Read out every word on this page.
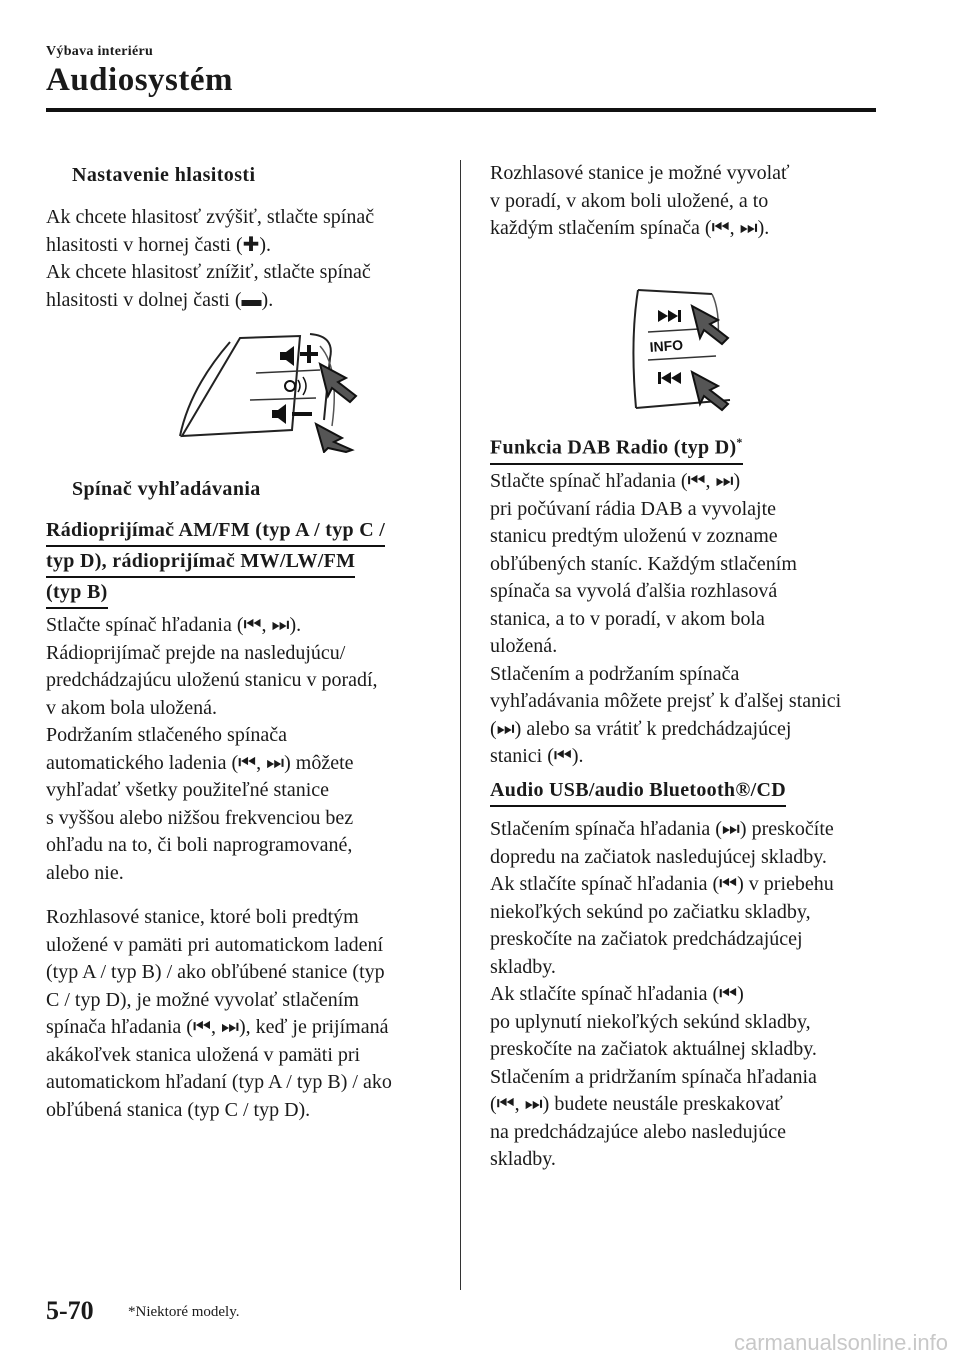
Výbava interiéru
Audiosystém
Nastavenie hlasitosti
Ak chcete hlasitosť zvýšiť, stlačte spínač
hlasitosti v hornej časti (✚).
Ak chcete hlasitosť znížiť, stlačte spínač
hlasitosti v dolnej časti (▬).
Spínač vyhľadávania
Rádioprijímač AM/FM (typ A / typ C /
typ D), rádioprijímač MW/LW/FM
(typ B)
Stlačte spínač hľadania (⏮, ⏭).
Rádioprijímač prejde na nasledujúcu/
predchádzajúcu uloženú stanicu v poradí,
v akom bola uložená.
Podržaním stlačeného spínača
automatického ladenia (⏮, ⏭) môžete
vyhľadať všetky použiteľné stanice
s vyššou alebo nižšou frekvenciou bez
ohľadu na to, či boli naprogramované,
alebo nie.
Rozhlasové stanice, ktoré boli predtým
uložené v pamäti pri automatickom ladení
(typ A / typ B) / ako obľúbené stanice (typ
C / typ D), je možné vyvolať stlačením
spínača hľadania (⏮, ⏭), keď je prijímaná
akákoľvek stanica uložená v pamäti pri
automatickom hľadaní (typ A / typ B) / ako
obľúbená stanica (typ C / typ D).
Rozhlasové stanice je možné vyvolať
v poradí, v akom boli uložené, a to
každým stlačením spínača (⏮, ⏭).
INFO
Funkcia DAB Radio (typ D)*
Stlačte spínač hľadania (⏮, ⏭)
pri počúvaní rádia DAB a vyvolajte
stanicu predtým uloženú v zozname
obľúbených staníc. Každým stlačením
spínača sa vyvolá ďalšia rozhlasová
stanica, a to v poradí, v akom bola
uložená.
Stlačením a podržaním spínača
vyhľadávania môžete prejsť k ďalšej stanici
(⏭) alebo sa vrátiť k predchádzajúcej
stanici (⏮).
Audio USB/audio Bluetooth®/CD
Stlačením spínača hľadania (⏭) preskočíte
dopredu na začiatok nasledujúcej skladby.
Ak stlačíte spínač hľadania (⏮) v priebehu
niekoľkých sekúnd po začiatku skladby,
preskočíte na začiatok predchádzajúcej
skladby.
Ak stlačíte spínač hľadania (⏮)
po uplynutí niekoľkých sekúnd skladby,
preskočíte na začiatok aktuálnej skladby.
Stlačením a pridržaním spínača hľadania
(⏮, ⏭) budete neustále preskakovať
na predchádzajúce alebo nasledujúce
skladby.
5-70 *Niektoré modely.
carmanualsonline.info
